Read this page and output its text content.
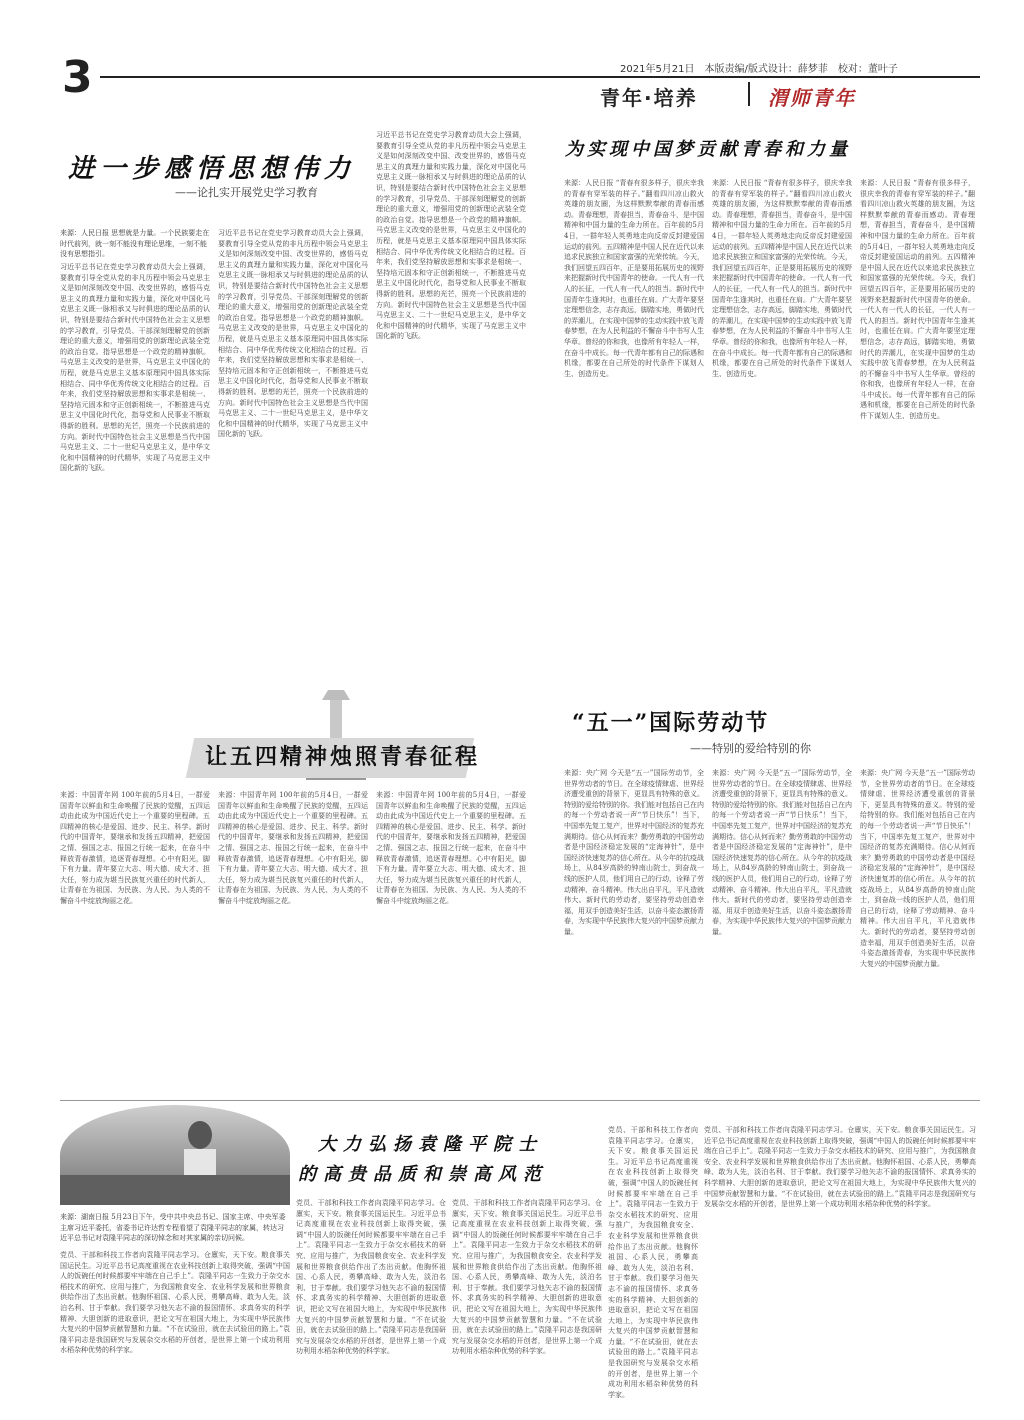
3	2021年5月21日　本版责编/版式设计：薛梦菲　校对：董叶子
青年·培养	渭师青年
进一步感悟思想伟力
——论扎实开展党史学习教育

来源：人民日报 思想就是力量。一个民族要走在时代前列，就一刻不能没有理论思维，一刻不能没有思想指引。

习近平总书记在党史学习教育动员大会上强调，要教育引导全党从党的非凡历程中领会马克思主义是如何深刻改变中国、改变世界的，感悟马克思主义的真理力量和实践力量，深化对中国化马克思主义既一脉相承又与时俱进的理论品质的认识，特别是要结合新时代中国特色社会主义思想的学习教育，引导党员、干部深刻理解党的创新理论的重大意义，增强用党的创新理论武装全党的政治自觉。指导思想是一个政党的精神旗帜。马克思主义改变的是世界，马克思主义中国化的历程，就是马克思主义基本原理同中国具体实际相结合、同中华优秀传统文化相结合的过程。百年来，我们党坚持解放思想和实事求是相统一、坚持培元固本和守正创新相统一，不断推进马克思主义中国化时代化，指导党和人民事业不断取得新的胜利。思想的光芒，照亮一个民族前进的方向。新时代中国特色社会主义思想是当代中国马克思主义、二十一世纪马克思主义，是中华文化和中国精神的时代精华，实现了马克思主义中国化新的飞跃。

习近平总书记在党史学习教育动员大会上强调，要教育引导全党从党的非凡历程中领会马克思主义是如何深刻改变中国、改变世界的，感悟马克思主义的真理力量和实践力量，深化对中国化马克思主义既一脉相承又与时俱进的理论品质的认识，特别是要结合新时代中国特色社会主义思想的学习教育，引导党员、干部深刻理解党的创新理论的重大意义，增强用党的创新理论武装全党的政治自觉。指导思想是一个政党的精神旗帜。马克思主义改变的是世界，马克思主义中国化的历程，就是马克思主义基本原理同中国具体实际相结合、同中华优秀传统文化相结合的过程。百年来，我们党坚持解放思想和实事求是相统一、坚持培元固本和守正创新相统一，不断推进马克思主义中国化时代化，指导党和人民事业不断取得新的胜利。思想的光芒，照亮一个民族前进的方向。新时代中国特色社会主义思想是当代中国马克思主义、二十一世纪马克思主义，是中华文化和中国精神的时代精华，实现了马克思主义中国化新的飞跃。

习近平总书记在党史学习教育动员大会上强调，要教育引导全党从党的非凡历程中领会马克思主义是如何深刻改变中国、改变世界的，感悟马克思主义的真理力量和实践力量，深化对中国化马克思主义既一脉相承又与时俱进的理论品质的认识，特别是要结合新时代中国特色社会主义思想的学习教育，引导党员、干部深刻理解党的创新理论的重大意义，增强用党的创新理论武装全党的政治自觉。指导思想是一个政党的精神旗帜。马克思主义改变的是世界，马克思主义中国化的历程，就是马克思主义基本原理同中国具体实际相结合、同中华优秀传统文化相结合的过程。百年来，我们党坚持解放思想和实事求是相统一、坚持培元固本和守正创新相统一，不断推进马克思主义中国化时代化，指导党和人民事业不断取得新的胜利。思想的光芒，照亮一个民族前进的方向。新时代中国特色社会主义思想是当代中国马克思主义、二十一世纪马克思主义，是中华文化和中国精神的时代精华，实现了马克思主义中国化新的飞跃。

为实现中国梦贡献青春和力量

来源：人民日报 “青春有很多样子，很庆幸我的青春有穿军装的样子。”翻看四川凉山救火英雄的朋友圈，为这样默默奉献的青春而感动。青春理想，青春担当，青春奋斗，是中国精神和中国力量的生命力所在。百年前的5月4日，一群年轻人英勇地走向反帝反封建爱国运动的前列。五四精神是中国人民在近代以来追求民族独立和国家富强的光荣传统。今天，我们回望五四百年，正是要用拓展历史的视野来把握新时代中国青年的使命。一代人有一代人的长征，一代人有一代人的担当。新时代中国青年生逢其时，也重任在肩。广大青年要坚定理想信念，志存高远，脚踏实地，勇做时代的弄潮儿，在实现中国梦的生动实践中放飞青春梦想，在为人民利益的不懈奋斗中书写人生华章。曾经的你和我，也像所有年轻人一样，在奋斗中成长。每一代青年都有自己的际遇和机缘，都要在自己所处的时代条件下谋划人生、创造历史。

来源：人民日报 “青春有很多样子，很庆幸我的青春有穿军装的样子。”翻看四川凉山救火英雄的朋友圈，为这样默默奉献的青春而感动。青春理想，青春担当，青春奋斗，是中国精神和中国力量的生命力所在。百年前的5月4日，一群年轻人英勇地走向反帝反封建爱国运动的前列。五四精神是中国人民在近代以来追求民族独立和国家富强的光荣传统。今天，我们回望五四百年，正是要用拓展历史的视野来把握新时代中国青年的使命。一代人有一代人的长征，一代人有一代人的担当。新时代中国青年生逢其时，也重任在肩。广大青年要坚定理想信念，志存高远，脚踏实地，勇做时代的弄潮儿，在实现中国梦的生动实践中放飞青春梦想，在为人民利益的不懈奋斗中书写人生华章。曾经的你和我，也像所有年轻人一样，在奋斗中成长。每一代青年都有自己的际遇和机缘，都要在自己所处的时代条件下谋划人生、创造历史。

来源：人民日报 “青春有很多样子，很庆幸我的青春有穿军装的样子。”翻看四川凉山救火英雄的朋友圈，为这样默默奉献的青春而感动。青春理想，青春担当，青春奋斗，是中国精神和中国力量的生命力所在。百年前的5月4日，一群年轻人英勇地走向反帝反封建爱国运动的前列。五四精神是中国人民在近代以来追求民族独立和国家富强的光荣传统。今天，我们回望五四百年，正是要用拓展历史的视野来把握新时代中国青年的使命。一代人有一代人的长征，一代人有一代人的担当。新时代中国青年生逢其时，也重任在肩。广大青年要坚定理想信念，志存高远，脚踏实地，勇做时代的弄潮儿，在实现中国梦的生动实践中放飞青春梦想，在为人民利益的不懈奋斗中书写人生华章。曾经的你和我，也像所有年轻人一样，在奋斗中成长。每一代青年都有自己的际遇和机缘，都要在自己所处的时代条件下谋划人生、创造历史。

让五四精神烛照青春征程

来源：中国青年网 100年前的5月4日，一群爱国青年以鲜血和生命唤醒了民族的觉醒，五四运动由此成为中国近代史上一个重要的里程碑。五四精神的核心是爱国、进步、民主、科学。新时代的中国青年，要继承和发扬五四精神，把爱国之情、强国之志、报国之行统一起来，在奋斗中释放青春激情，追逐青春理想。心中有阳光，脚下有力量。青年要立大志、明大德、成大才、担大任，努力成为堪当民族复兴重任的时代新人，让青春在为祖国、为民族、为人民、为人类的不懈奋斗中绽放绚丽之花。

来源：中国青年网 100年前的5月4日，一群爱国青年以鲜血和生命唤醒了民族的觉醒，五四运动由此成为中国近代史上一个重要的里程碑。五四精神的核心是爱国、进步、民主、科学。新时代的中国青年，要继承和发扬五四精神，把爱国之情、强国之志、报国之行统一起来，在奋斗中释放青春激情，追逐青春理想。心中有阳光，脚下有力量。青年要立大志、明大德、成大才、担大任，努力成为堪当民族复兴重任的时代新人，让青春在为祖国、为民族、为人民、为人类的不懈奋斗中绽放绚丽之花。

来源：中国青年网 100年前的5月4日，一群爱国青年以鲜血和生命唤醒了民族的觉醒，五四运动由此成为中国近代史上一个重要的里程碑。五四精神的核心是爱国、进步、民主、科学。新时代的中国青年，要继承和发扬五四精神，把爱国之情、强国之志、报国之行统一起来，在奋斗中释放青春激情，追逐青春理想。心中有阳光，脚下有力量。青年要立大志、明大德、成大才、担大任，努力成为堪当民族复兴重任的时代新人，让青春在为祖国、为民族、为人民、为人类的不懈奋斗中绽放绚丽之花。

“五一”国际劳动节
——特别的爱给特别的你

来源：央广网 今天是“五一”国际劳动节，全世界劳动者的节日。在全球疫情肆虐、世界经济遭受重创的背景下，更显具有特殊的意义。特别的爱给特别的你。我们能对包括自己在内的每一个劳动者说一声“节日快乐”！当下，中国率先复工复产，世界对中国经济的复苏充满期待。信心从何而来？勤劳勇敢的中国劳动者是中国经济稳定发展的“定海神针”，是中国经济快速复苏的信心所在。从今年的抗疫战场上，从84岁高龄的钟南山院士，到奋战一线的医护人员，他们用自己的行动，诠释了劳动精神、奋斗精神。伟大出自平凡，平凡造就伟大。新时代的劳动者，要坚持劳动创造幸福，用双手创造美好生活，以奋斗姿态激扬青春，为实现中华民族伟大复兴的中国梦贡献力量。

来源：央广网 今天是“五一”国际劳动节，全世界劳动者的节日。在全球疫情肆虐、世界经济遭受重创的背景下，更显具有特殊的意义。特别的爱给特别的你。我们能对包括自己在内的每一个劳动者说一声“节日快乐”！当下，中国率先复工复产，世界对中国经济的复苏充满期待。信心从何而来？勤劳勇敢的中国劳动者是中国经济稳定发展的“定海神针”，是中国经济快速复苏的信心所在。从今年的抗疫战场上，从84岁高龄的钟南山院士，到奋战一线的医护人员，他们用自己的行动，诠释了劳动精神、奋斗精神。伟大出自平凡，平凡造就伟大。新时代的劳动者，要坚持劳动创造幸福，用双手创造美好生活，以奋斗姿态激扬青春，为实现中华民族伟大复兴的中国梦贡献力量。

来源：央广网 今天是“五一”国际劳动节，全世界劳动者的节日。在全球疫情肆虐、世界经济遭受重创的背景下，更显具有特殊的意义。特别的爱给特别的你。我们能对包括自己在内的每一个劳动者说一声“节日快乐”！当下，中国率先复工复产，世界对中国经济的复苏充满期待。信心从何而来？勤劳勇敢的中国劳动者是中国经济稳定发展的“定海神针”，是中国经济快速复苏的信心所在。从今年的抗疫战场上，从84岁高龄的钟南山院士，到奋战一线的医护人员，他们用自己的行动，诠释了劳动精神、奋斗精神。伟大出自平凡，平凡造就伟大。新时代的劳动者，要坚持劳动创造幸福，用双手创造美好生活，以奋斗姿态激扬青春，为实现中华民族伟大复兴的中国梦贡献力量。

大力弘扬袁隆平院士
的高贵品质和崇高风范

来源：湖南日报 5月23日下午，受中共中央总书记、国家主席、中央军委主席习近平委托，省委书记许达哲专程看望了袁隆平同志的家属，转达习近平总书记对袁隆平同志的深切悼念和对其家属的亲切问候。

党员、干部和科技工作者向袁隆平同志学习。仓廪实，天下安。粮食事关国运民生。习近平总书记高度重视在农业科技创新上取得突破，强调“中国人的饭碗任何时候都要牢牢端在自己手上”。袁隆平同志一生致力于杂交水稻技术的研究、应用与推广，为我国粮食安全、农业科学发展和世界粮食供给作出了杰出贡献。他胸怀祖国、心系人民，勇攀高峰、敢为人先，淡泊名利、甘于奉献。我们要学习他矢志不渝的报国情怀、求真务实的科学精神、大胆创新的进取意识，把论文写在祖国大地上，为实现中华民族伟大复兴的中国梦贡献智慧和力量。“不在试验田，就在去试验田的路上。”袁隆平同志是我国研究与发展杂交水稻的开创者，是世界上第一个成功利用水稻杂种优势的科学家。

党员、干部和科技工作者向袁隆平同志学习。仓廪实，天下安。粮食事关国运民生。习近平总书记高度重视在农业科技创新上取得突破，强调“中国人的饭碗任何时候都要牢牢端在自己手上”。袁隆平同志一生致力于杂交水稻技术的研究、应用与推广，为我国粮食安全、农业科学发展和世界粮食供给作出了杰出贡献。他胸怀祖国、心系人民，勇攀高峰、敢为人先，淡泊名利、甘于奉献。我们要学习他矢志不渝的报国情怀、求真务实的科学精神、大胆创新的进取意识，把论文写在祖国大地上，为实现中华民族伟大复兴的中国梦贡献智慧和力量。“不在试验田，就在去试验田的路上。”袁隆平同志是我国研究与发展杂交水稻的开创者，是世界上第一个成功利用水稻杂种优势的科学家。

党员、干部和科技工作者向袁隆平同志学习。仓廪实，天下安。粮食事关国运民生。习近平总书记高度重视在农业科技创新上取得突破，强调“中国人的饭碗任何时候都要牢牢端在自己手上”。袁隆平同志一生致力于杂交水稻技术的研究、应用与推广，为我国粮食安全、农业科学发展和世界粮食供给作出了杰出贡献。他胸怀祖国、心系人民，勇攀高峰、敢为人先，淡泊名利、甘于奉献。我们要学习他矢志不渝的报国情怀、求真务实的科学精神、大胆创新的进取意识，把论文写在祖国大地上，为实现中华民族伟大复兴的中国梦贡献智慧和力量。“不在试验田，就在去试验田的路上。”袁隆平同志是我国研究与发展杂交水稻的开创者，是世界上第一个成功利用水稻杂种优势的科学家。

党员、干部和科技工作者向袁隆平同志学习。仓廪实，天下安。粮食事关国运民生。习近平总书记高度重视在农业科技创新上取得突破，强调“中国人的饭碗任何时候都要牢牢端在自己手上”。袁隆平同志一生致力于杂交水稻技术的研究、应用与推广，为我国粮食安全、农业科学发展和世界粮食供给作出了杰出贡献。他胸怀祖国、心系人民，勇攀高峰、敢为人先，淡泊名利、甘于奉献。我们要学习他矢志不渝的报国情怀、求真务实的科学精神、大胆创新的进取意识，把论文写在祖国大地上，为实现中华民族伟大复兴的中国梦贡献智慧和力量。“不在试验田，就在去试验田的路上。”袁隆平同志是我国研究与发展杂交水稻的开创者，是世界上第一个成功利用水稻杂种优势的科学家。

党员、干部和科技工作者向袁隆平同志学习。仓廪实，天下安。粮食事关国运民生。习近平总书记高度重视在农业科技创新上取得突破，强调“中国人的饭碗任何时候都要牢牢端在自己手上”。袁隆平同志一生致力于杂交水稻技术的研究、应用与推广，为我国粮食安全、农业科学发展和世界粮食供给作出了杰出贡献。他胸怀祖国、心系人民，勇攀高峰、敢为人先，淡泊名利、甘于奉献。我们要学习他矢志不渝的报国情怀、求真务实的科学精神、大胆创新的进取意识，把论文写在祖国大地上，为实现中华民族伟大复兴的中国梦贡献智慧和力量。“不在试验田，就在去试验田的路上。”袁隆平同志是我国研究与发展杂交水稻的开创者，是世界上第一个成功利用水稻杂种优势的科学家。
